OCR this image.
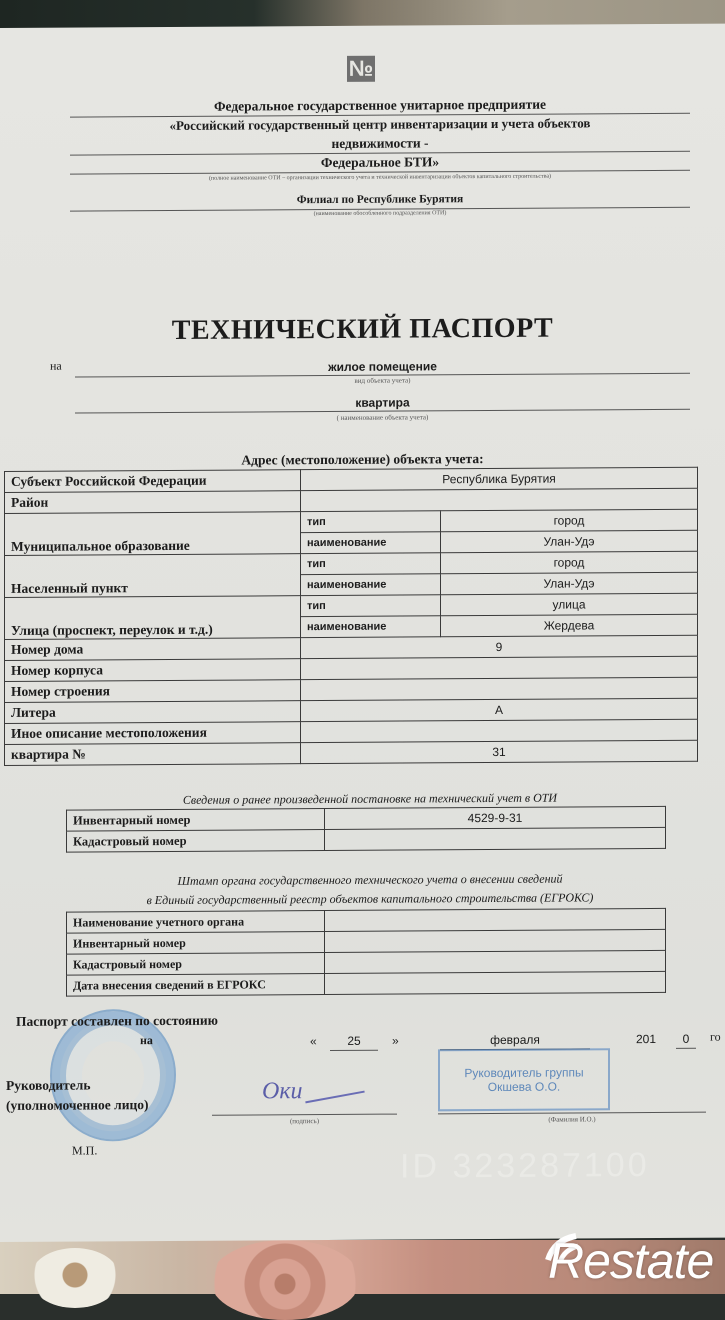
№
Федеральное государственное унитарное предприятие
«Российский государственный центр инвентаризации и учета объектов
недвижимости -
Федеральное БТИ»
(полное наименование ОТИ – организации технического учета и технической инвентаризации объектов капитального строительства)
Филиал по Республике Бурятия
(наименование обособленного подразделения ОТИ)
ТЕХНИЧЕСКИЙ ПАСПОРТ
на	жилое помещение
вид объекта учета)
квартира
( наименование объекта учета)
Адрес (местоположение) объекта учета:
Субъект Российской Федерации	Республика Бурятия	
Район		
Муниципальное образование	тип	город
	наименование	Улан-Удэ
Населенный пункт	тип	город
	наименование	Улан-Удэ
Улица (проспект, переулок и т.д.)	тип	улица
	наименование	Жердева
Номер дома	9	
Номер корпуса		
Номер строения		
Литера	А	
Иное описание местоположения		
квартира №	31	
Сведения о ранее произведенной постановке на технический учет в ОТИ
Инвентарный номер	4529-9-31
Кадастровый номер	
Штамп органа государственного технического учета о внесении сведений
в Единый государственный реестр объектов капитального строительства (ЕГРОКС)
Наименование учетного органа	
Инвентарный номер	
Кадастровый номер	
Дата внесения сведений в ЕГРОКС	
Паспорт составлен по состоянию
на	«	25	»	февраля	201	0	го
Руководитель группы
Окшева О.О.
Руководитель
(уполномоченное лицо)
Оки
(подпись)	(Фамилия И.О.)
М.П.	ID 323287100
Restate
